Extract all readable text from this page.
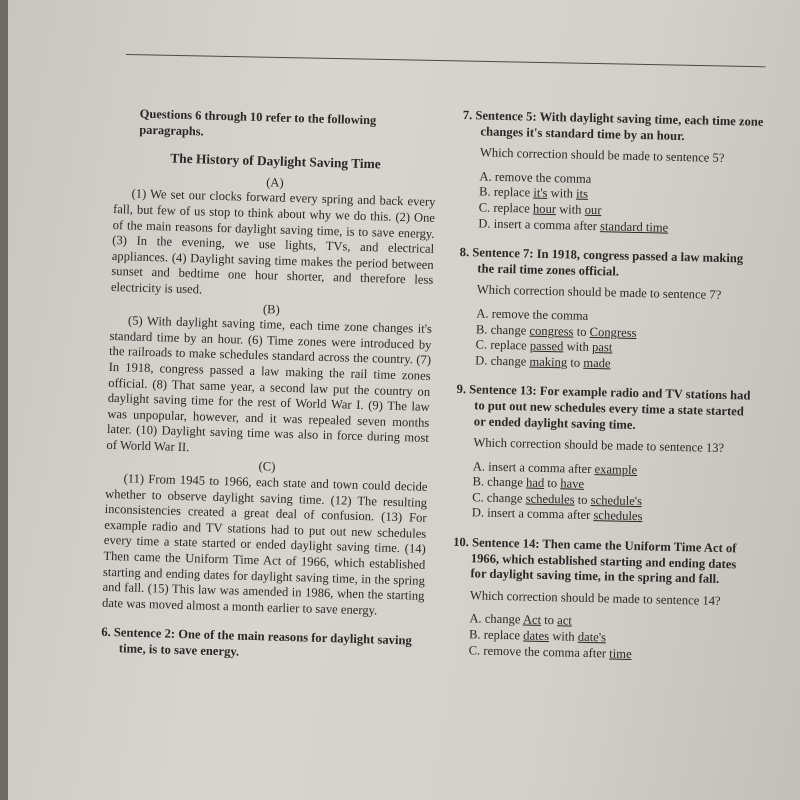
Questions 6 through 10 refer to the following paragraphs.

The History of Daylight Saving Time

(A)

(1) We set our clocks forward every spring and back every fall, but few of us stop to think about why we do this. (2) One of the main reasons for daylight saving time, is to save energy. (3) In the evening, we use lights, TVs, and electrical appliances. (4) Daylight saving time makes the period between sunset and bedtime one hour shorter, and therefore less electricity is used.

(B)

(5) With daylight saving time, each time zone changes it's standard time by an hour. (6) Time zones were introduced by the railroads to make schedules standard across the country. (7) In 1918, congress passed a law making the rail time zones official. (8) That same year, a second law put the country on daylight saving time for the rest of World War I. (9) The law was unpopular, however, and it was repealed seven months later. (10) Daylight saving time was also in force during most of World War II.

(C)

(11) From 1945 to 1966, each state and town could decide whether to observe daylight saving time. (12) The resulting inconsistencies created a great deal of confusion. (13) For example radio and TV stations had to put out new schedules every time a state started or ended daylight saving time. (14) Then came the Uniform Time Act of 1966, which established starting and ending dates for daylight saving time, in the spring and fall. (15) This law was amended in 1986, when the starting date was moved almost a month earlier to save energy.

6. Sentence 2: One of the main reasons for daylight saving time, is to save energy.

7. Sentence 5: With daylight saving time, each time zone changes it's standard time by an hour.

Which correction should be made to sentence 5?

A. remove the comma
B. replace it's with its
C. replace hour with our
D. insert a comma after standard time

8. Sentence 7: In 1918, congress passed a law making the rail time zones official.

Which correction should be made to sentence 7?

A. remove the comma
B. change congress to Congress
C. replace passed with past
D. change making to made

9. Sentence 13: For example radio and TV stations had to put out new schedules every time a state started or ended daylight saving time.

Which correction should be made to sentence 13?

A. insert a comma after example
B. change had to have
C. change schedules to schedule's
D. insert a comma after schedules

10. Sentence 14: Then came the Uniform Time Act of 1966, which established starting and ending dates for daylight saving time, in the spring and fall.

Which correction should be made to sentence 14?

A. change Act to act
B. replace dates with date's
C. remove the comma after time
